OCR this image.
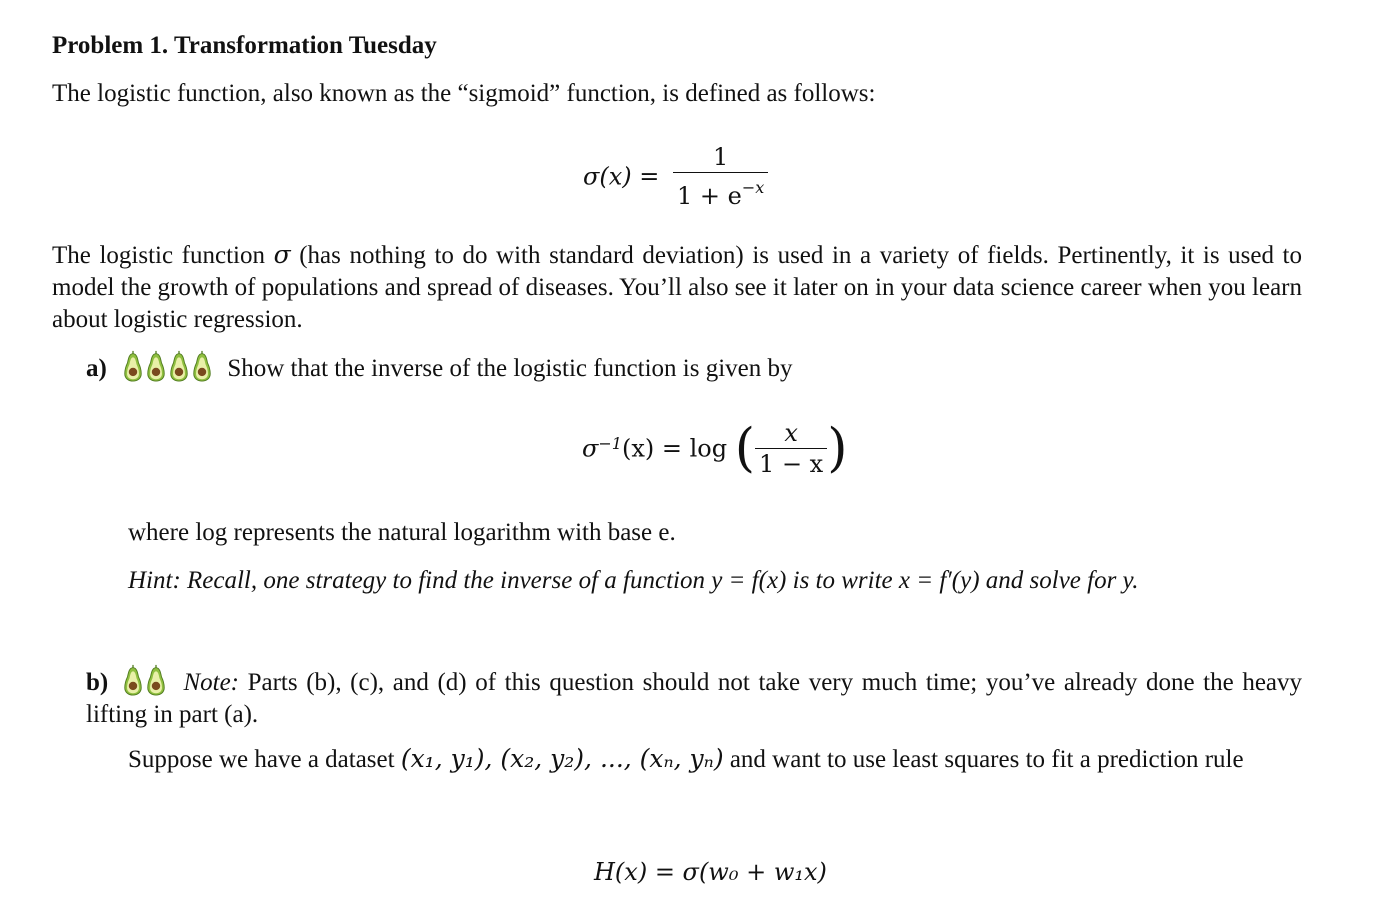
Problem 1. Transformation Tuesday
The logistic function, also known as the “sigmoid” function, is defined as follows:
$\sigma(x) = \frac{1}{1 + e^{-x}}$
The logistic function σ (has nothing to do with standard deviation) is used in a variety of fields. Pertinently, it is used to model the growth of populations and spread of diseases. You’ll also see it later on in your data science career when you learn about logistic regression.
a)	Show that the inverse of the logistic function is given by
$\sigma^{-1}(x) = \log$ ( $\frac{x}{1 - x}$ )
where log represents the natural logarithm with base e.
Hint: Recall, one strategy to find the inverse of a function y = f(x) is to write x = f′(y) and solve for y.
b)	Note: Parts (b), (c), and (d) of this question should not take very much time; you’ve already done the heavy lifting in part (a).
Suppose we have a dataset (x₁, y₁), (x₂, y₂), ..., (xₙ, yₙ) and want to use least squares to fit a prediction rule
H(x) = σ(w₀ + w₁x)
